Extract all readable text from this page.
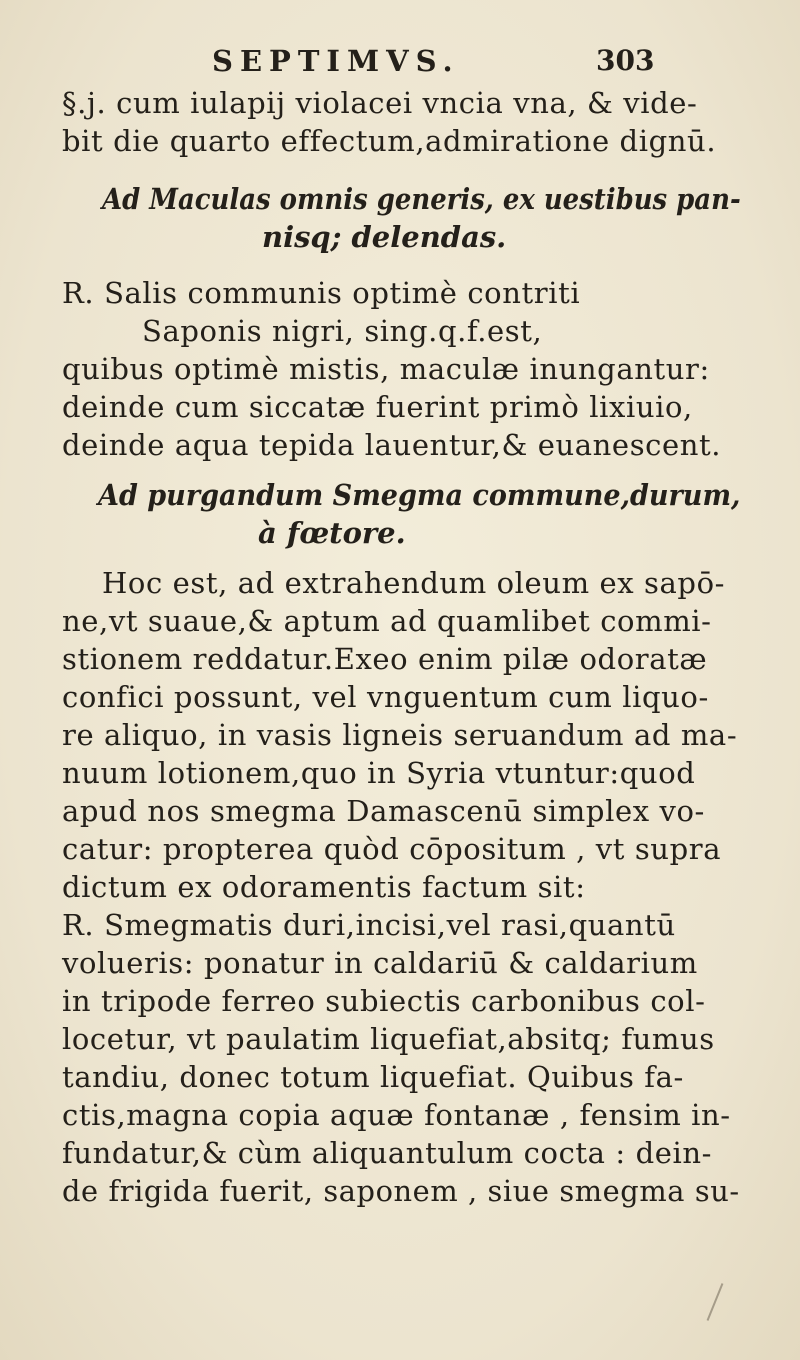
SEPTIMVS.	303
§.j. cum iulapij violacei vncia vna, & vide-
bit die quarto effectum,admiratione dignū.
Ad Maculas omnis generis, ex uestibus pan-
nisq; delendas.
R. Salis communis optimè contriti
Saponis nigri, sing.q.f.est,
quibus optimè mistis, maculæ inungantur:
deinde cum siccatæ fuerint primò lixiuio,
deinde aqua tepida lauentur,& euanescent.
Ad purgandum Smegma commune,durum,
à fœtore.
Hoc est, ad extrahendum oleum ex sapō-
ne,vt suaue,& aptum ad quamlibet commi-
stionem reddatur.Exeo enim pilæ odoratæ
confici possunt, vel vnguentum cum liquo-
re aliquo, in vasis ligneis seruandum ad ma-
nuum lotionem,quo in Syria vtuntur:quod
apud nos smegma Damascenū simplex vo-
catur: propterea quòd cōpositum , vt supra
dictum ex odoramentis factum sit:
R. Smegmatis duri,incisi,vel rasi,quantū
volueris: ponatur in caldariū & caldarium
in tripode ferreo subiectis carbonibus col-
locetur, vt paulatim liquefiat,absitq; fumus
tandiu, donec totum liquefiat. Quibus fa-
ctis,magna copia aquæ fontanæ , fensim in-
fundatur,& cùm aliquantulum cocta : dein-
de frigida fuerit, saponem , siue smegma su-
